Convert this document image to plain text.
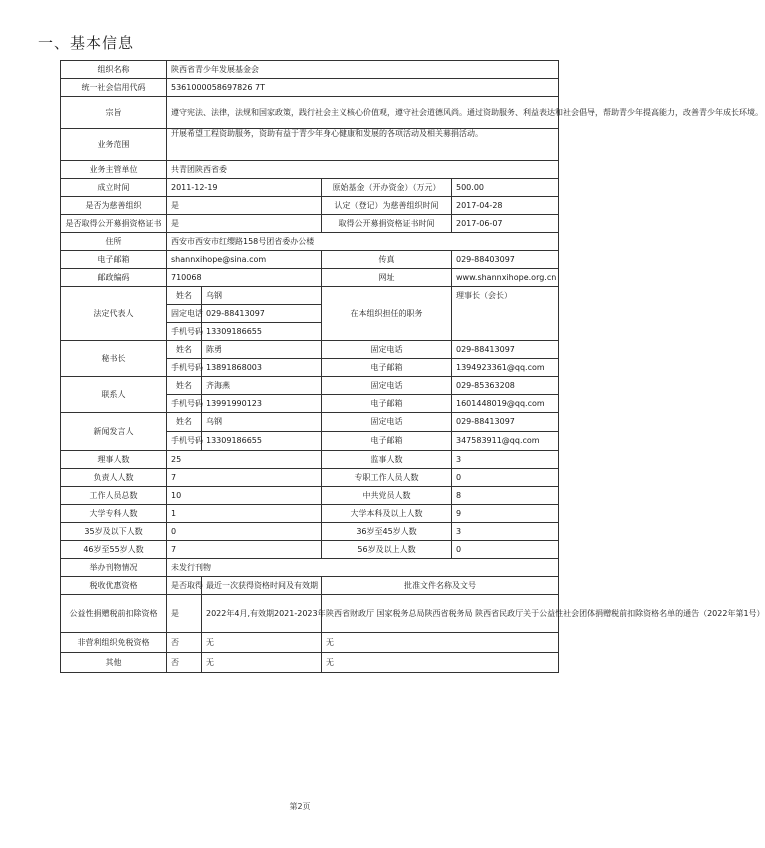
一、基本信息
组织名称	陕西省青少年发展基金会			
统一社会信用代码	5361000058697826 7T			
宗旨	遵守宪法、法律，法规和国家政策，践行社会主义核心价值观，遵守社会道德风尚。通过资助服务、利益表达和社会倡导，帮助青少年提高能力，改善青少年成长环境。			
业务范围	开展希望工程资助服务，资助有益于青少年身心健康和发展的各项活动及相关募捐活动。			
业务主管单位	共青团陕西省委			
成立时间	2011-12-19		原始基金（开办资金）（万元）	500.00
是否为慈善组织	是		认定（登记）为慈善组织时间	2017-04-28
是否取得公开募捐资格证书	是		取得公开募捐资格证书时间	2017-06-07
住所	西安市西安市红缨路158号团省委办公楼			
电子邮箱	shannxihope@sina.com		传真	029-88403097
邮政编码	710068		网址	www.shannxihope.org.cn
法定代表人	姓名	乌钢	在本组织担任的职务	理事长（会长）
	固定电话	029-88413097		
	手机号码	13309186655		
秘书长	姓名	陈勇	固定电话	029-88413097
	手机号码	13891868003	电子邮箱	1394923361@qq.com
联系人	姓名	齐海燕	固定电话	029-85363208
	手机号码	13991990123	电子邮箱	1601448019@qq.com
新闻发言人	姓名	乌钢	固定电话	029-88413097
	手机号码	13309186655	电子邮箱	347583911@qq.com
理事人数	25		监事人数	3
负责人人数	7		专职工作人员人数	0
工作人员总数	10		中共党员人数	8
大学专科人数	1		大学本科及以上人数	9
35岁及以下人数	0		36岁至45岁人数	3
46岁至55岁人数	7		56岁及以上人数	0
举办刊物情况	未发行刊物			
税收优惠资格	是否取得	最近一次获得资格时间及有效期	批准文件名称及文号	
公益性捐赠税前扣除资格	是	2022年4月,有效期2021-2023年	陕西省财政厅 国家税务总局陕西省税务局 陕西省民政厅关于公益性社会团体捐赠税前扣除资格名单的通告（2022年第1号）	
非营利组织免税资格	否	无	无	
其他	否	无	无	
第2页
